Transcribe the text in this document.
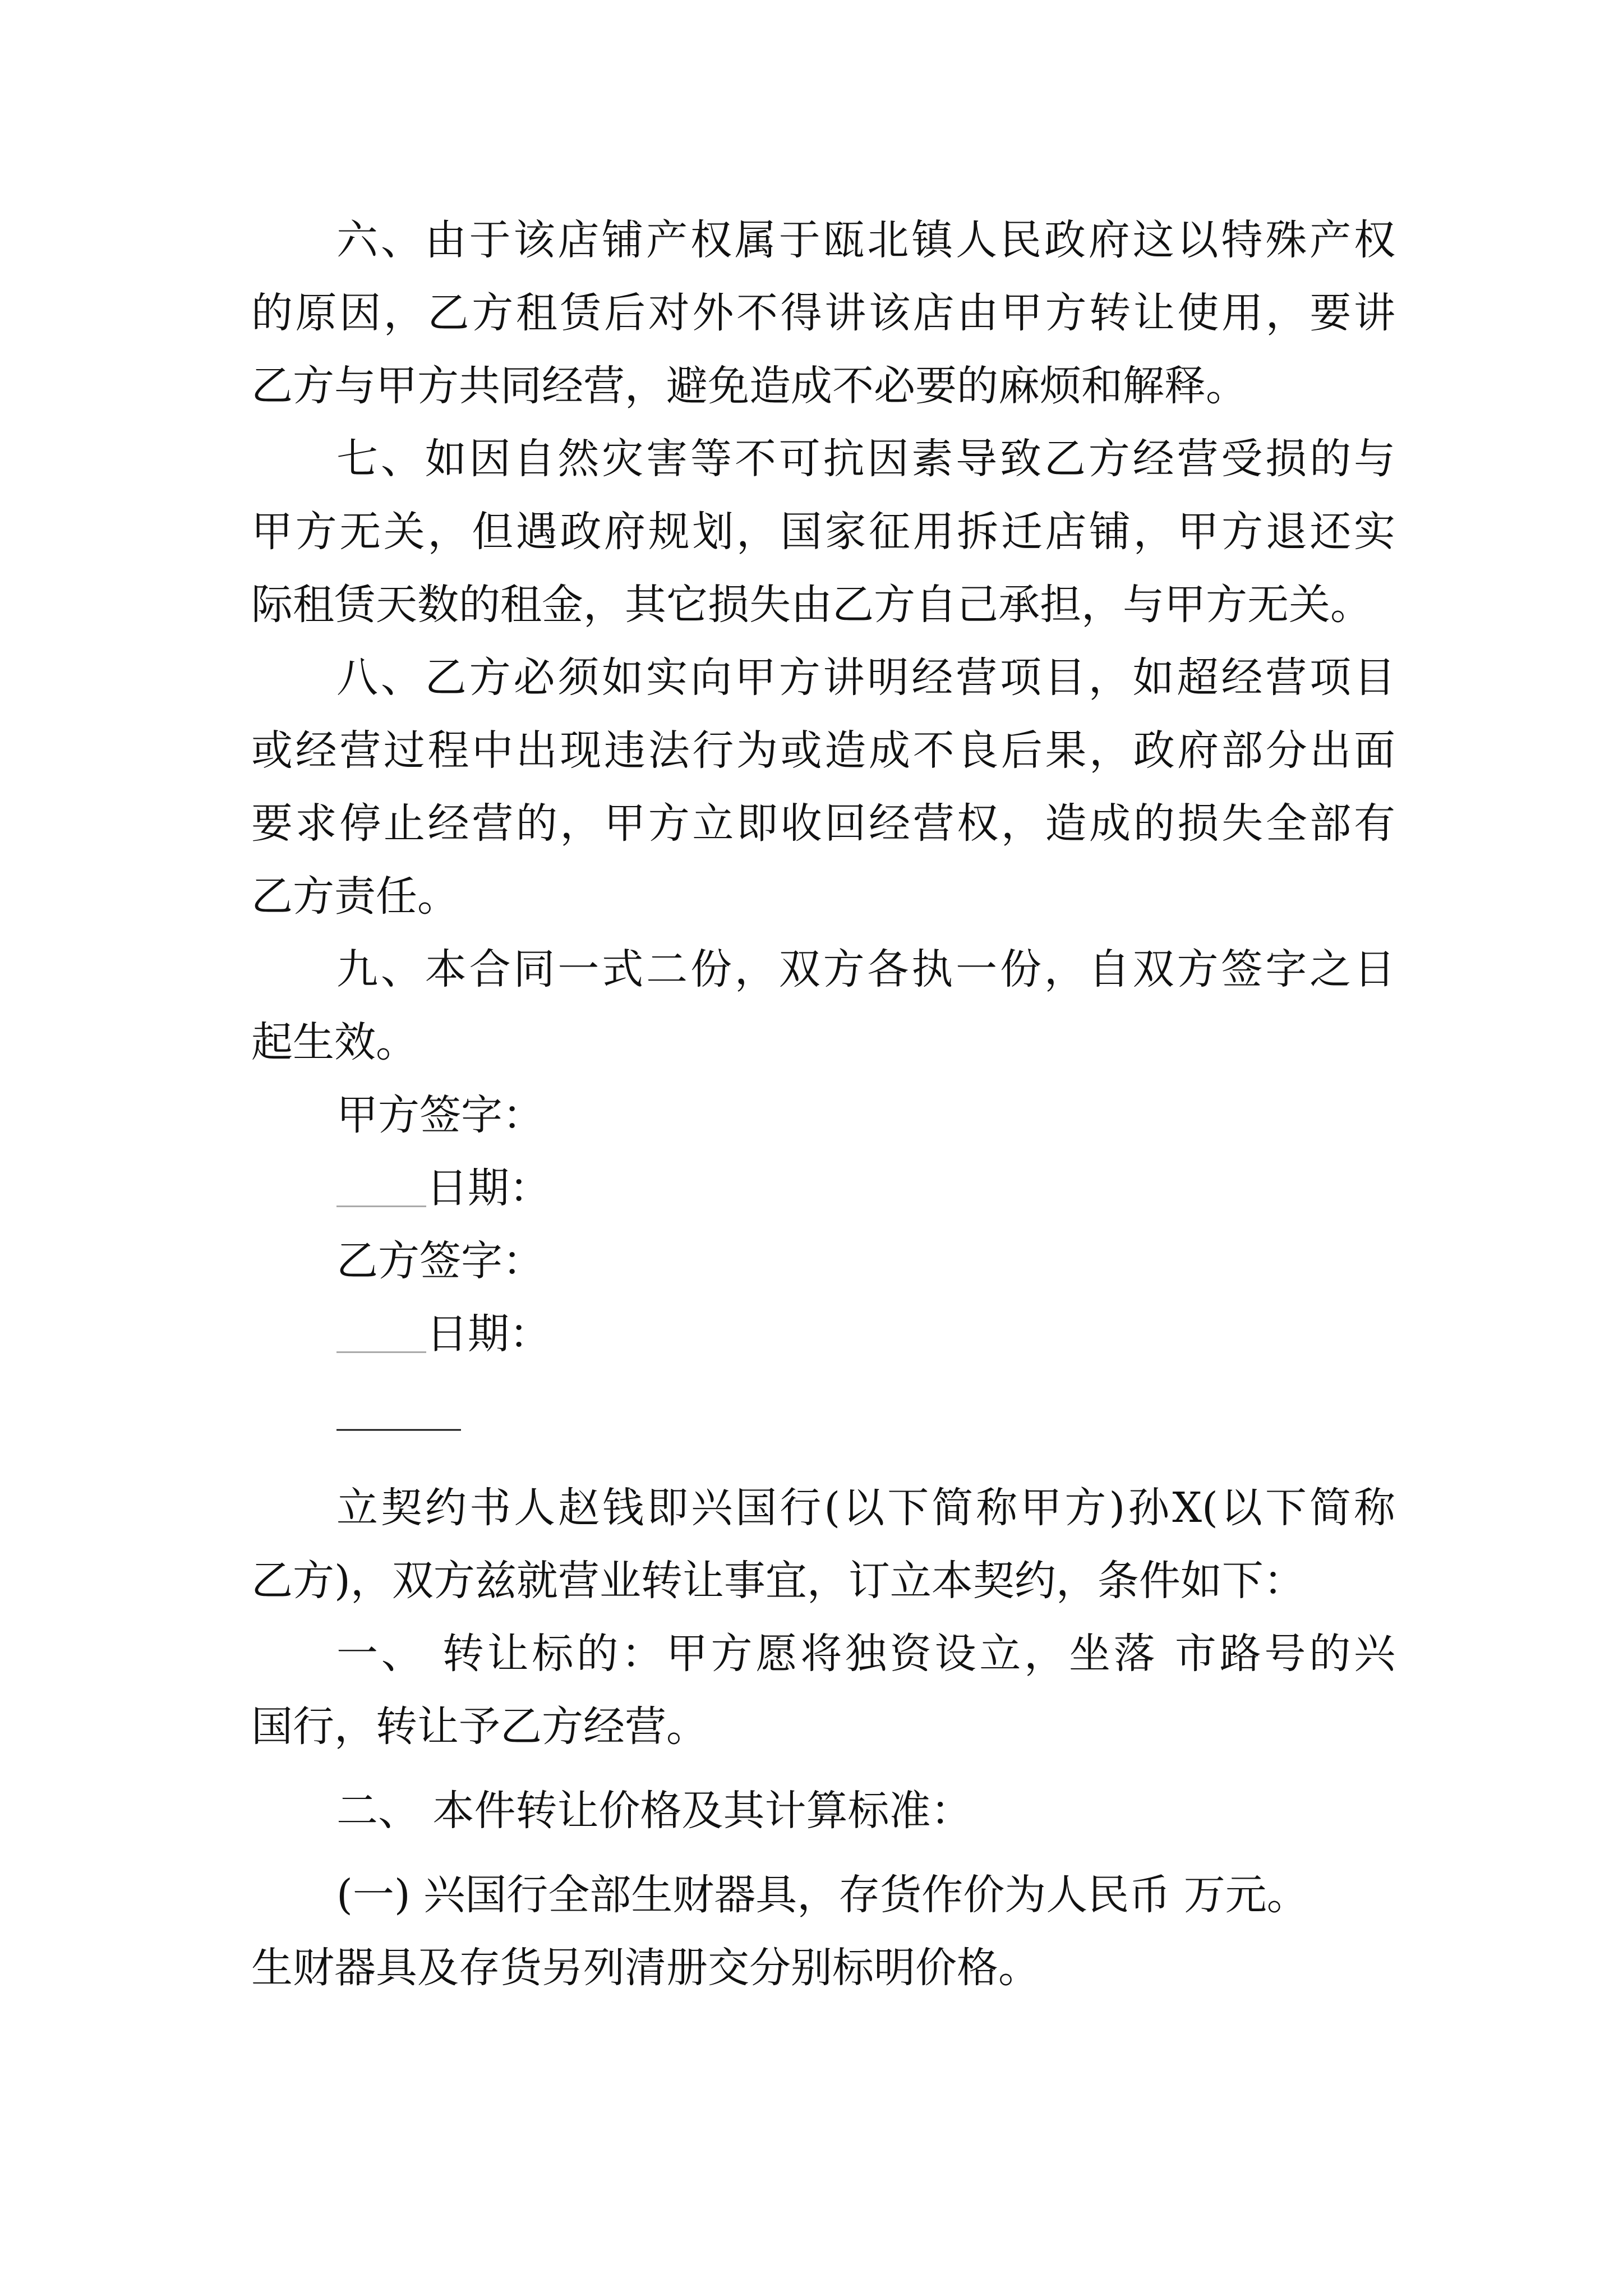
六、由于该店铺产权属于瓯北镇人民政府这以特殊产权
的原因，乙方租赁后对外不得讲该店由甲方转让使用，要讲
乙方与甲方共同经营，避免造成不必要的麻烦和解释。
七、如因自然灾害等不可抗因素导致乙方经营受损的与
甲方无关，但遇政府规划，国家征用拆迁店铺，甲方退还实
际租赁天数的租金，其它损失由乙方自己承担，与甲方无关。
八、乙方必须如实向甲方讲明经营项目，如超经营项目
或经营过程中出现违法行为或造成不良后果，政府部分出面
要求停止经营的，甲方立即收回经营权，造成的损失全部有
乙方责任。
九、本合同一式二份，双方各执一份，自双方签字之日
起生效。
甲方签字：
日期：
乙方签字：
日期：
______
立契约书人赵钱即兴国行(以下简称甲方)孙X(以下简称
乙方)，双方兹就营业转让事宜，订立本契约，条件如下：
一、 转让标的：甲方愿将独资设立，坐落 市路号的兴
国行，转让予乙方经营。
二、 本件转让价格及其计算标准：
(一) 兴国行全部生财器具，存货作价为人民币 万元。
生财器具及存货另列清册交分别标明价格。
